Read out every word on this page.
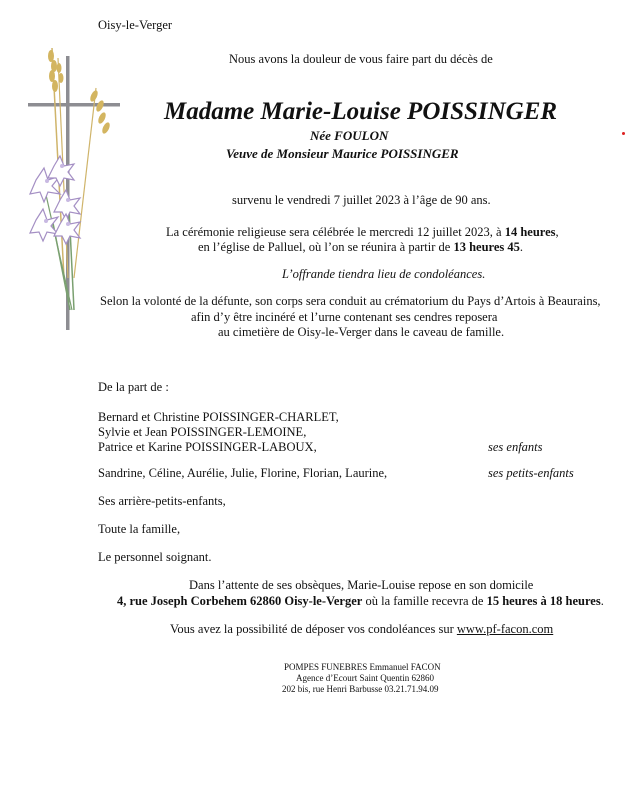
Oisy-le-Verger
Nous avons la douleur de vous faire part du décès de
Madame Marie-Louise POISSINGER
Née FOULON
Veuve de Monsieur Maurice POISSINGER
survenu le vendredi 7 juillet 2023 à l’âge de 90 ans.
La cérémonie religieuse sera célébrée le mercredi 12 juillet 2023, à 14 heures,
en l’église de Palluel, où l’on se réunira à partir de 13 heures 45.
L’offrande tiendra lieu de condoléances.
Selon la volonté de la défunte, son corps sera conduit au crématorium du Pays d’Artois à Beaurains,
afin d’y être incinéré et l’urne contenant ses cendres reposera
au cimetière de Oisy-le-Verger dans le caveau de famille.
De la part de :
Bernard et Christine POISSINGER-CHARLET,
Sylvie et Jean POISSINGER-LEMOINE,
Patrice et Karine POISSINGER-LABOUX,	ses enfants
Sandrine, Céline, Aurélie, Julie, Florine, Florian, Laurine,	ses petits-enfants
Ses arrière-petits-enfants,
Toute la famille,
Le personnel soignant.
Dans l’attente de ses obsèques, Marie-Louise repose en son domicile
4, rue Joseph Corbehem 62860 Oisy-le-Verger où la famille recevra de 15 heures à 18 heures.
Vous avez la possibilité de déposer vos condoléances sur www.pf-facon.com
POMPES FUNEBRES Emmanuel FACON
Agence d’Ecourt Saint Quentin 62860
202 bis, rue Henri Barbusse 03.21.71.94.09
